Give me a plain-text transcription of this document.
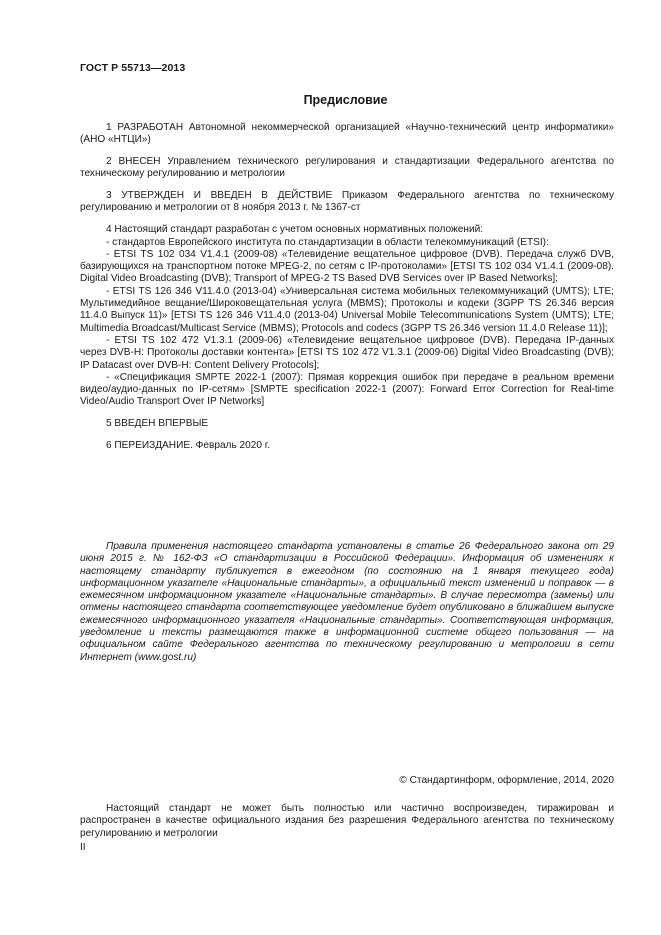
ГОСТ Р 55713—2013
Предисловие

1 РАЗРАБОТАН Автономной некоммерческой организацией «Научно-технический центр информатики» (АНО «НТЦИ»)

2 ВНЕСЕН Управлением технического регулирования и стандартизации Федерального агентства по техническому регулированию и метрологии

3 УТВЕРЖДЕН И ВВЕДЕН В ДЕЙСТВИЕ Приказом Федерального агентства по техническому регулированию и метрологии от 8 ноября 2013 г. № 1367-ст

4 Настоящий стандарт разработан с учетом основных нормативных положений:

- стандартов Европейского института по стандартизации в области телекоммуникаций (ETSI):

- ETSI TS 102 034 V1.4.1 (2009-08) «Телевидение вещательное цифровое (DVB). Передача служб DVB, базирующихся на транспортном потоке MPEG-2, по сетям с IP-протоколами» [ETSI TS 102 034 V1.4.1 (2009-08). Digital Video Broadcasting (DVB); Transport of MPEG-2 TS Based DVB Services over IP Based Networks];

- ETSI TS 126 346 V11.4.0 (2013-04) «Универсальная система мобильных телекоммуникаций (UMTS); LTE; Мультимедийное вещание/Широковещательная услуга (MBMS); Протоколы и кодеки (3GPP TS 26.346 версия 11.4.0 Выпуск 11)» [ETSI TS 126 346 V11.4.0 (2013-04) Universal Mobile Telecommunications System (UMTS); LTE; Multimedia Broadcast/Multicast Service (MBMS); Protocols and codecs (3GPP TS 26.346 version 11.4.0 Release 11)];

- ETSI TS 102 472 V1.3.1 (2009-06) «Телевидение вещательное цифровое (DVB). Передача IP-данных через DVB-H: Протоколы доставки контента» [ETSI TS 102 472 V1.3.1 (2009-06) Digital Video Broadcasting (DVB); IP Datacast over DVB-H: Content Delivery Protocols];

- «Спецификация SMPTE 2022-1 (2007): Прямая коррекция ошибок при передаче в реальном времени видео/аудио-данных по IP-сетям» [SMPTE specification 2022-1 (2007): Forward Error Correction for Real-time Video/Audio Transport Over IP Networks]

5 ВВЕДЕН ВПЕРВЫЕ

6 ПЕРЕИЗДАНИЕ. Февраль 2020 г.

Правила применения настоящего стандарта установлены в статье 26 Федерального закона от 29 июня 2015 г. № 162-ФЗ «О стандартизации в Российской Федерации». Информация об изменениях к настоящему стандарту публикуется в ежегодном (по состоянию на 1 января текущего года) информационном указателе «Национальные стандарты», а официальный текст изменений и поправок — в ежемесячном информационном указателе «Национальные стандарты». В случае пересмотра (замены) или отмены настоящего стандарта соответствующее уведомление будет опубликовано в ближайшем выпуске ежемесячного информационного указателя «Национальные стандарты». Соответствующая информация, уведомление и тексты размещаются также в информационной системе общего пользования — на официальном сайте Федерального агентства по техническому регулированию и метрологии в сети Интернет (www.gost.ru)

© Стандартинформ, оформление, 2014, 2020

Настоящий стандарт не может быть полностью или частично воспроизведен, тиражирован и распространен в качестве официального издания без разрешения Федерального агентства по техническому регулированию и метрологии

II
